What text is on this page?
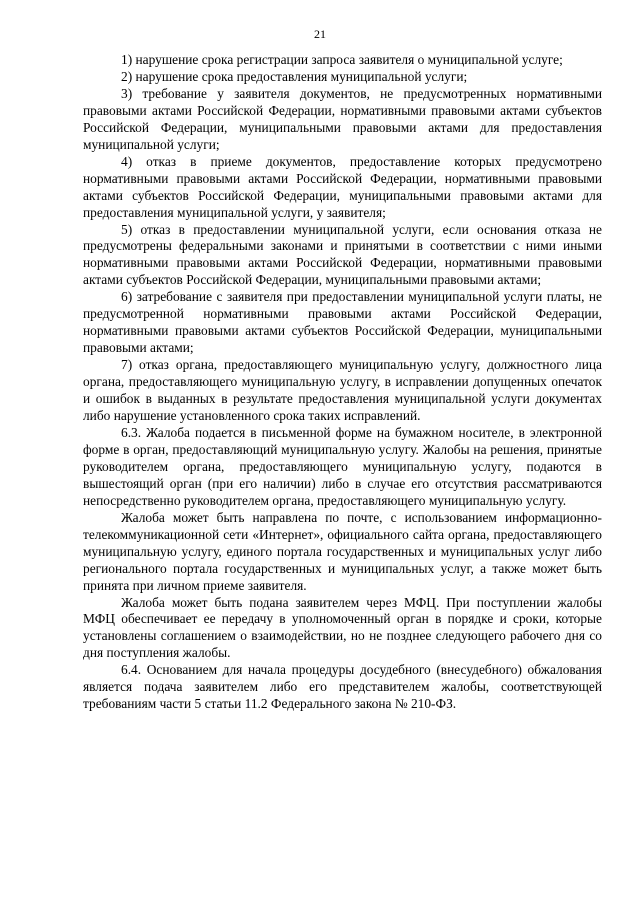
21

1) нарушение срока регистрации запроса заявителя о муниципальной услуге;

2) нарушение срока предоставления муниципальной услуги;

3) требование у заявителя документов, не предусмотренных нормативными правовыми актами Российской Федерации, нормативными правовыми актами субъектов Российской Федерации, муниципальными правовыми актами для предоставления муниципальной услуги;

4) отказ в приеме документов, предоставление которых предусмотрено нормативными правовыми актами Российской Федерации, нормативными правовыми актами субъектов Российской Федерации, муниципальными правовыми актами для предоставления муниципальной услуги, у заявителя;

5) отказ в предоставлении муниципальной услуги, если основания отказа не предусмотрены федеральными законами и принятыми в соответствии с ними иными нормативными правовыми актами Российской Федерации, нормативными правовыми актами субъектов Российской Федерации, муниципальными правовыми актами;

6) затребование с заявителя при предоставлении муниципальной услуги платы, не предусмотренной нормативными правовыми актами Российской Федерации, нормативными правовыми актами субъектов Российской Федерации, муниципальными правовыми актами;

7) отказ органа, предоставляющего муниципальную услугу, должностного лица органа, предоставляющего муниципальную услугу, в исправлении допущенных опечаток и ошибок в выданных в результате предоставления муниципальной услуги документах либо нарушение установленного срока таких исправлений.

6.3. Жалоба подается в письменной форме на бумажном носителе, в электронной форме в орган, предоставляющий муниципальную услугу. Жалобы на решения, принятые руководителем органа, предоставляющего муниципальную услугу, подаются в вышестоящий орган (при его наличии) либо в случае его отсутствия рассматриваются непосредственно руководителем органа, предоставляющего муниципальную услугу.

Жалоба может быть направлена по почте, с использованием информационно-телекоммуникационной сети «Интернет», официального сайта органа, предоставляющего муниципальную услугу, единого портала государственных и муниципальных услуг либо регионального портала государственных и муниципальных услуг, а также может быть принята при личном приеме заявителя.

Жалоба может быть подана заявителем через МФЦ. При поступлении жалобы МФЦ обеспечивает ее передачу в уполномоченный орган в порядке и сроки, которые установлены соглашением о взаимодействии, но не позднее следующего рабочего дня со дня поступления жалобы.

6.4. Основанием для начала процедуры досудебного (внесудебного) обжалования является подача заявителем либо его представителем жалобы, соответствующей требованиям части 5 статьи 11.2 Федерального закона № 210-ФЗ.
